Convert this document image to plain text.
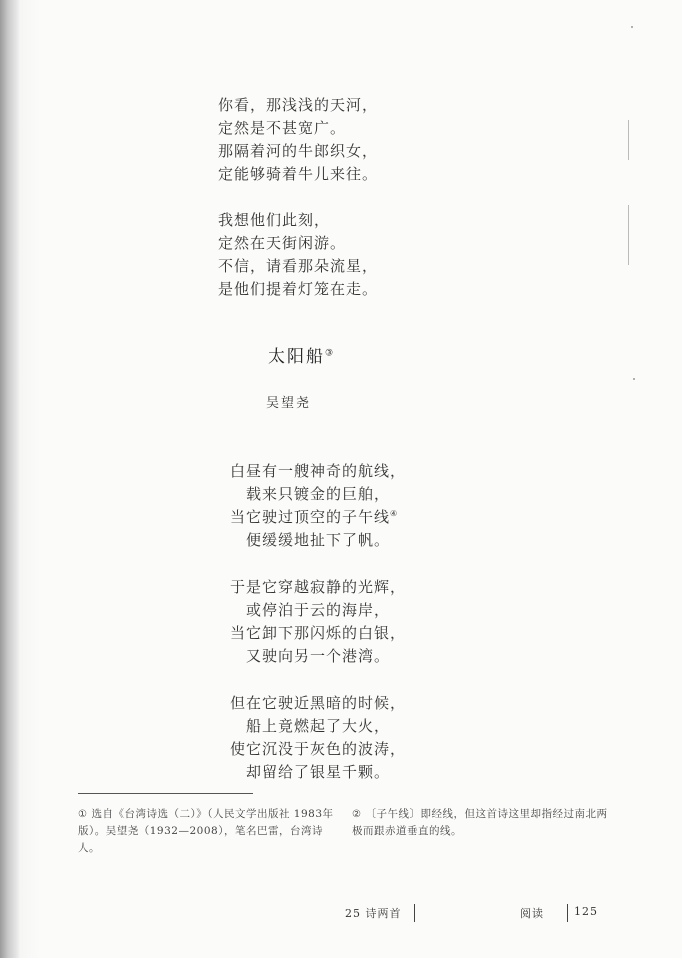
你看，那浅浅的天河，
定然是不甚宽广。
那隔着河的牛郎织女，
定能够骑着牛儿来往。
我想他们此刻，
定然在天街闲游。
不信，请看那朵流星，
是他们提着灯笼在走。
太阳船③
吴望尧
白昼有一艘神奇的航线，
载来只镀金的巨舶，
当它驶过顶空的子午线④
便缓缓地扯下了帆。
于是它穿越寂静的光辉，
或停泊于云的海岸，
当它卸下那闪烁的白银，
又驶向另一个港湾。
但在它驶近黑暗的时候，
船上竟燃起了大火，
使它沉没于灰色的波涛，
却留给了银星千颗。
① 选自《台湾诗选（二）》（人民文学出版社 1983年版）。吴望尧（1932—2008），笔名巴雷，台湾诗人。
② 〔子午线〕即经线，但这首诗这里却指经过南北两极而跟赤道垂直的线。
25 诗两首	阅读	125
